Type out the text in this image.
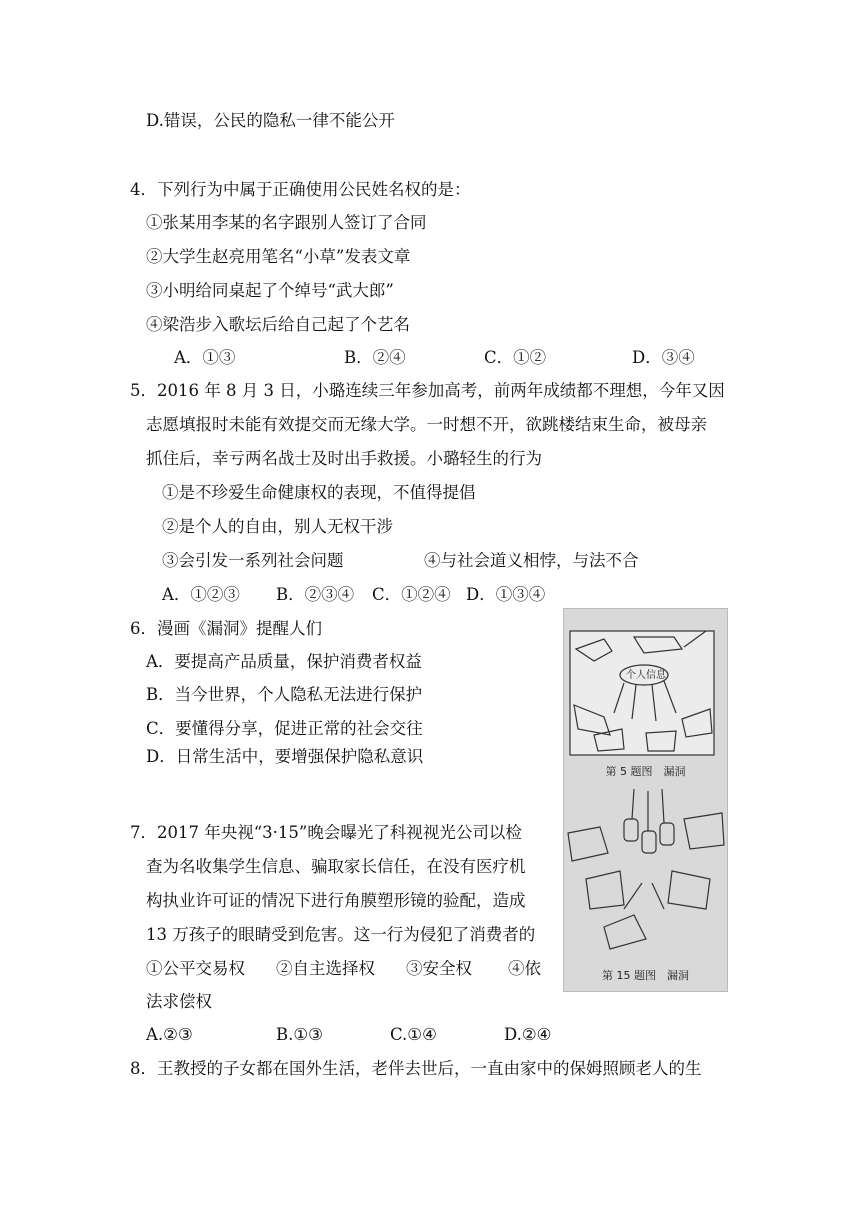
D.错误，公民的隐私一律不能公开
4．下列行为中属于正确使用公民姓名权的是：
①张某用李某的名字跟别人签订了合同
②大学生赵亮用笔名“小草”发表文章
③小明给同桌起了个绰号“武大郎”
④梁浩步入歌坛后给自己起了个艺名
A．①③	B．②④	C．①②	D．③④
5．2016 年 8 月 3 日，小璐连续三年参加高考，前两年成绩都不理想，今年又因
志愿填报时未能有效提交而无缘大学。一时想不开，欲跳楼结束生命，被母亲
抓住后，幸亏两名战士及时出手救援。小璐轻生的行为
①是不珍爱生命健康权的表现，不值得提倡
②是个人的自由，别人无权干涉
③会引发一系列社会问题	④与社会道义相悖，与法不合
A．①②③ B．②③④ C．①②④ D．①③④
6．漫画《漏洞》提醒人们
A．要提高产品质量，保护消费者权益
B．当今世界，个人隐私无法进行保护
C．要懂得分享，促进正常的社会交往
D．日常生活中，要增强保护隐私意识
第 5 题图　漏洞
第 15 题图　漏洞
个人信息
7．2017 年央视“3·15”晚会曝光了科视视光公司以检
查为名收集学生信息、骗取家长信任，在没有医疗机
构执业许可证的情况下进行角膜塑形镜的验配，造成
13 万孩子的眼睛受到危害。这一行为侵犯了消费者的
①公平交易权 ②自主选择权 ③安全权 ④依
法求偿权
A.②③	B.①③	C.①④	D.②④
8．王教授的子女都在国外生活，老伴去世后，一直由家中的保姆照顾老人的生
